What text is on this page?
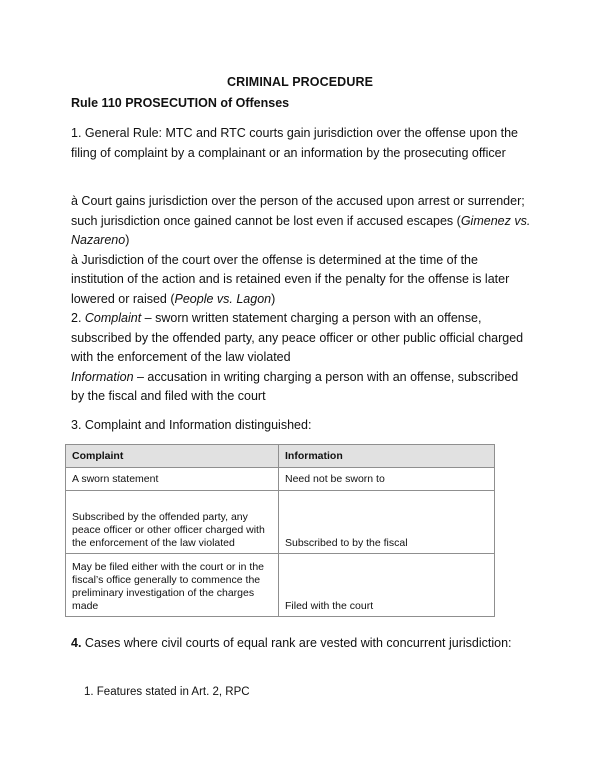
CRIMINAL PROCEDURE
Rule 110 PROSECUTION of Offenses

1. General Rule: MTC and RTC courts gain jurisdiction over the offense upon the filing of complaint by a complainant or an information by the prosecuting officer

à Court gains jurisdiction over the person of the accused upon arrest or surrender; such jurisdiction once gained cannot be lost even if accused escapes (Gimenez vs. Nazareno)

à Jurisdiction of the court over the offense is determined at the time of the institution of the action and is retained even if the penalty for the offense is later lowered or raised (People vs. Lagon)

2. Complaint – sworn written statement charging a person with an offense, subscribed by the offended party, any peace officer or other public official charged with the enforcement of the law violated

Information – accusation in writing charging a person with an offense, subscribed by the fiscal and filed with the court

3. Complaint and Information distinguished:
Complaint	Information
A sworn statement	Need not be sworn to
Subscribed by the offended party, any peace officer or other officer charged with the enforcement of the law violated	Subscribed to by the fiscal
May be filed either with the court or in the fiscal’s office generally to commence the preliminary investigation of the charges made	Filed with the court

4. Cases where civil courts of equal rank are vested with concurrent jurisdiction:

1. Features stated in Art. 2, RPC
